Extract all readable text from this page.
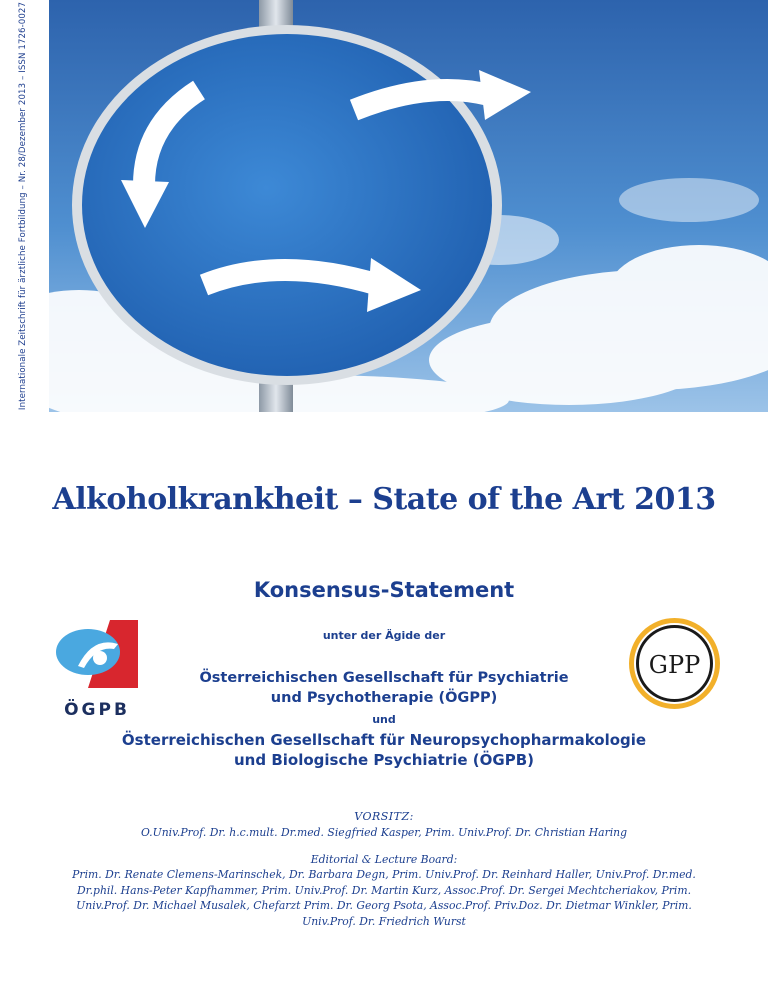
Internationale Zeitschrift für ärztliche Fortbildung – Nr. 28/Dezember 2013 – ISSN 1726-0027
Alkoholkrankheit – State of the Art 2013
Konsensus-Statement
ÖGPB
GPP
unter der Ägide der
Österreichischen Gesellschaft für Psychiatrie
und Psychotherapie (ÖGPP)
und
Österreichischen Gesellschaft für Neuropsychopharmakologie
und Biologische Psychiatrie (ÖGPB)
VORSITZ:
O.Univ.Prof. Dr. h.c.mult. Dr.med. Siegfried Kasper, Prim. Univ.Prof. Dr. Christian Haring
Editorial & Lecture Board:
Prim. Dr. Renate Clemens-Marinschek, Dr. Barbara Degn, Prim. Univ.Prof. Dr. Reinhard Haller, Univ.Prof. Dr.med. Dr.phil. Hans-Peter Kapfhammer, Prim. Univ.Prof. Dr. Martin Kurz, Assoc.Prof. Dr. Sergei Mechtcheriakov, Prim. Univ.Prof. Dr. Michael Musalek, Chefarzt Prim. Dr. Georg Psota, Assoc.Prof. Priv.Doz. Dr. Dietmar Winkler, Prim. Univ.Prof. Dr. Friedrich Wurst
